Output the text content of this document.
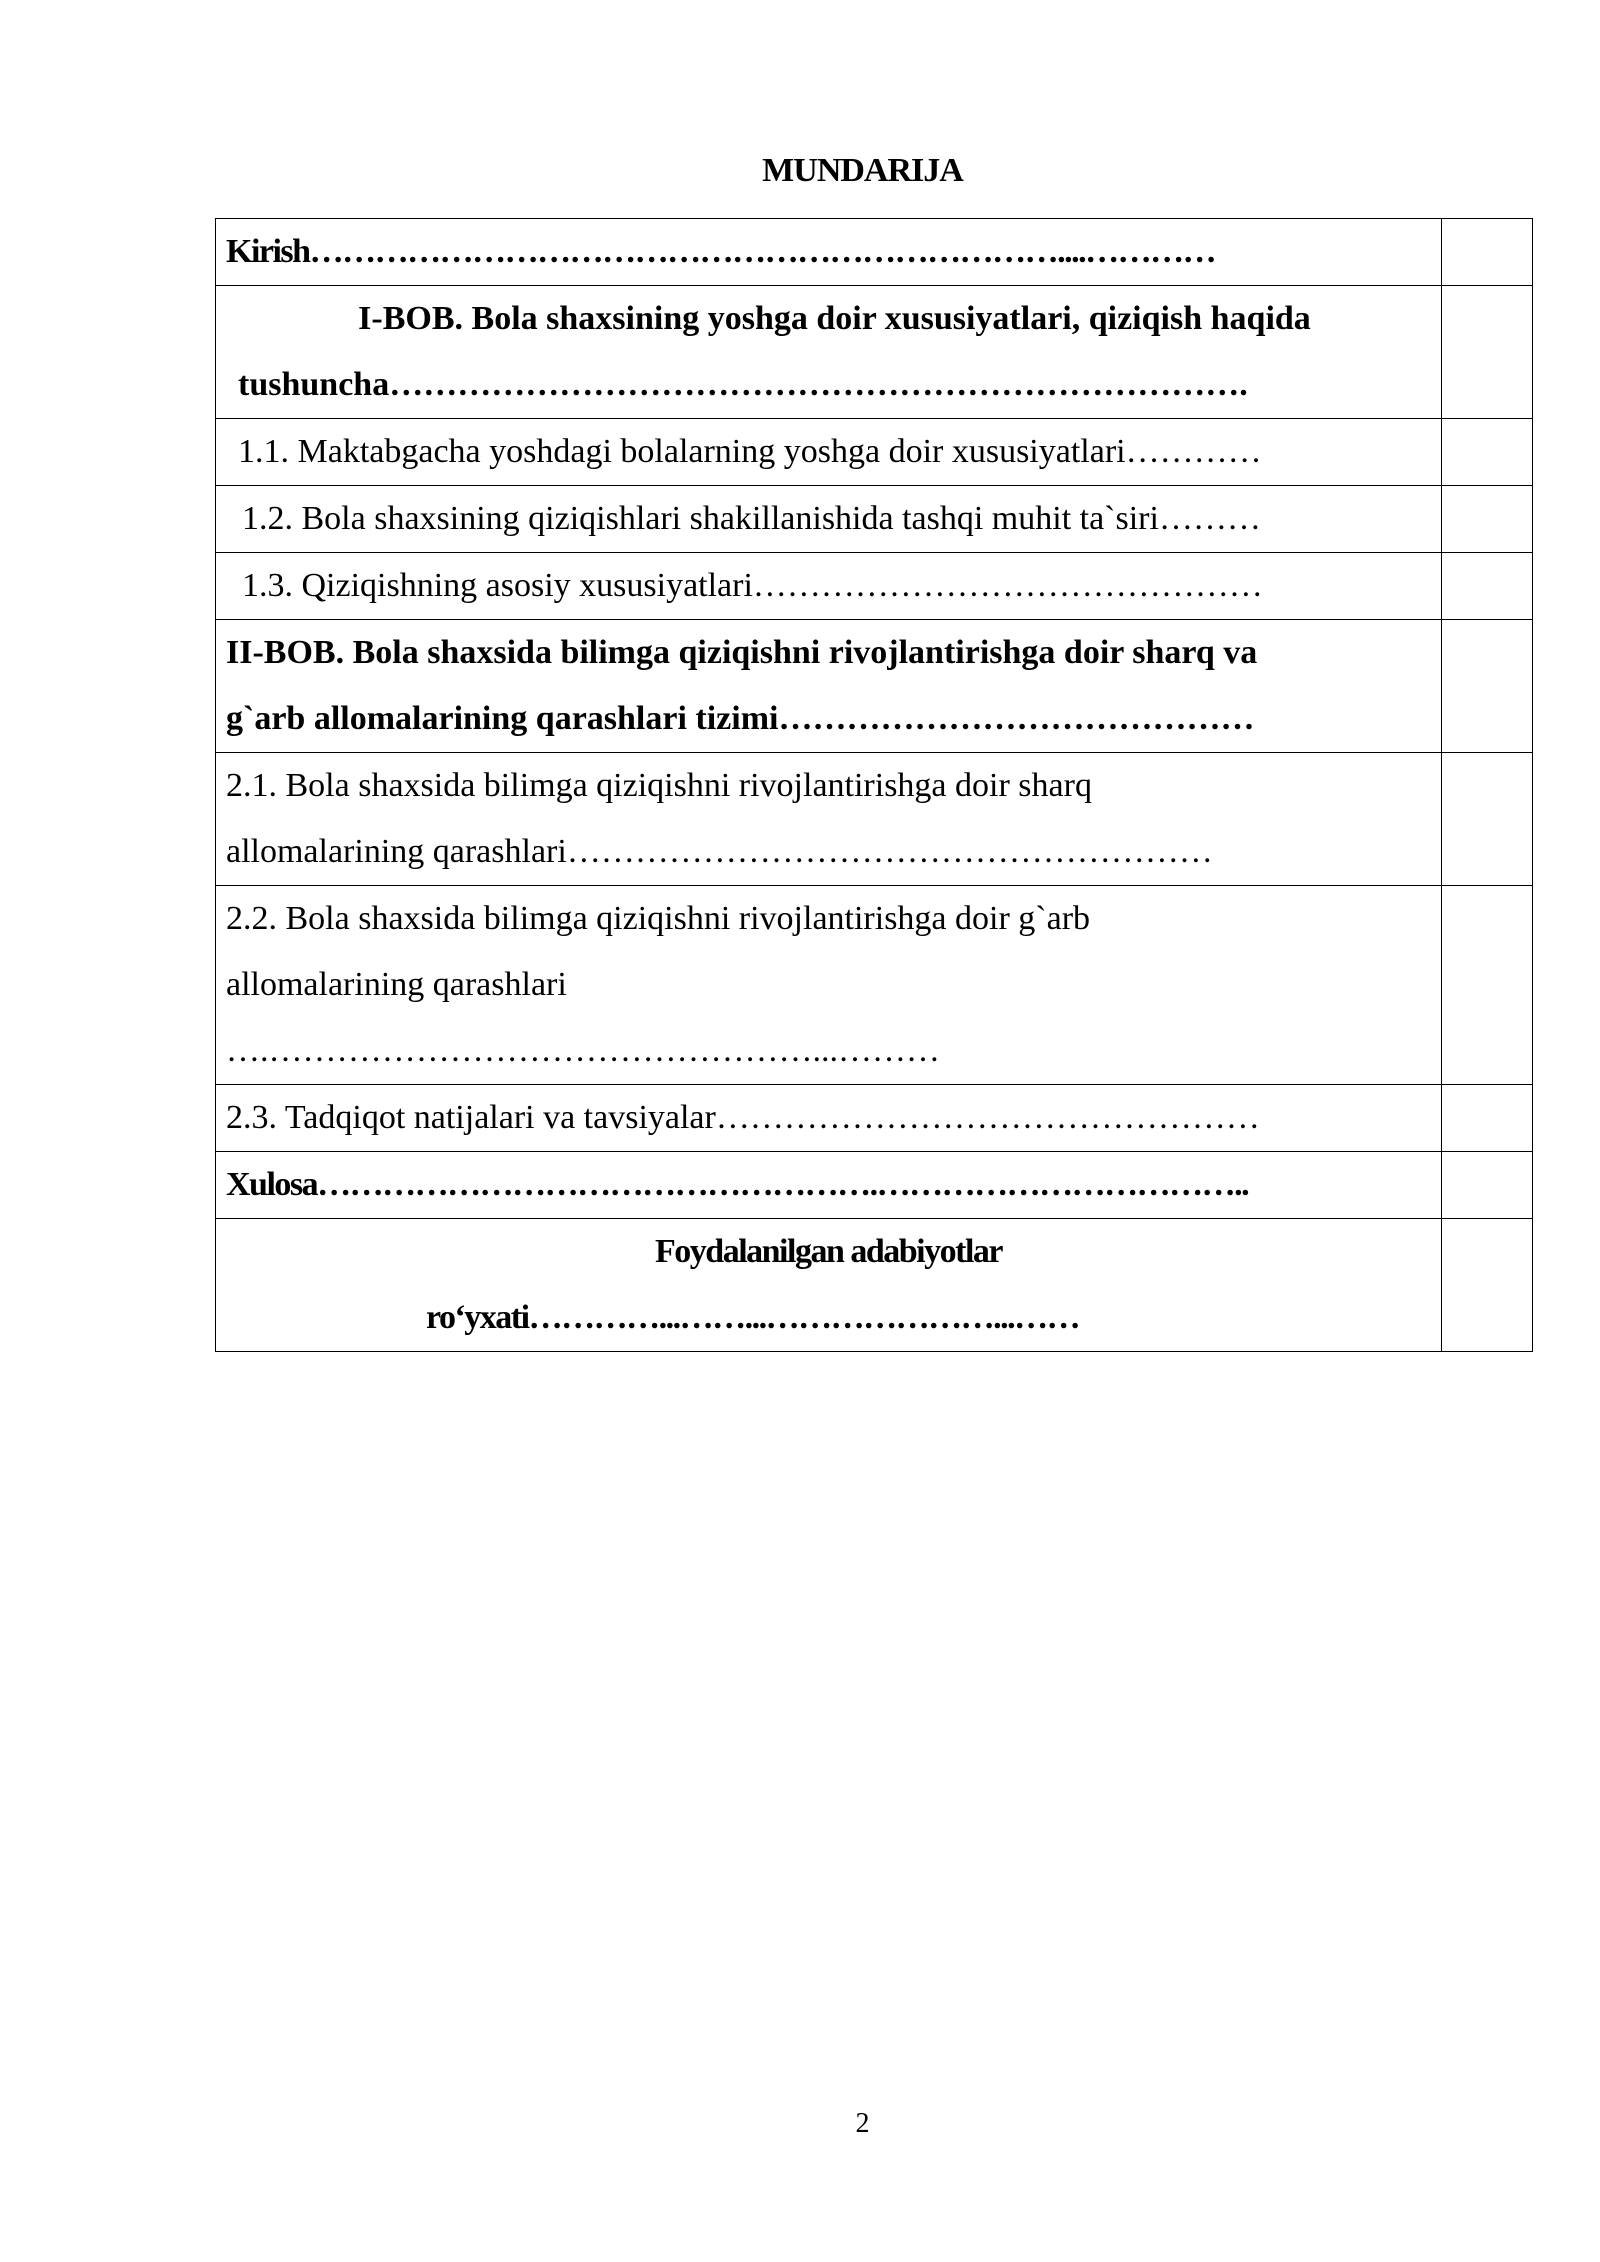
MUNDARIJA
Kirish……………………………………………………………....…………	

I-BOB. Bola shaxsining yoshga doir xususiyatlari, qiziqish haqida
tushuncha………………………………………………………………….	

1.1. Maktabgacha yoshdagi bolalarning yoshga doir xususiyatlari…………	

1.2. Bola shaxsining qiziqishlari shakillanishida tashqi muhit ta`siri………	

1.3. Qiziqishning asosiy xususiyatlari………………………………………	

II-BOB. Bola shaxsida bilimga qiziqishni rivojlantirishga doir sharq va
g`arb allomalarining qarashlari tizimi……………………………………	

2.1. Bola shaxsida bilimga qiziqishni rivojlantirishga doir sharq
allomalarining qarashlari…………………………………………………	

2.2. Bola shaxsida bilimga qiziqishni rivojlantirishga doir g`arb
allomalarining qarashlari
….…………………………………………...………	

2.3. Tadqiqot natijalari va tavsiyalar…………………………………………	

Xulosa…………………………………………….……………………………..	

Foydalanilgan adabiyotlar
ro‘yxati…………...……...…………………...……	

2
